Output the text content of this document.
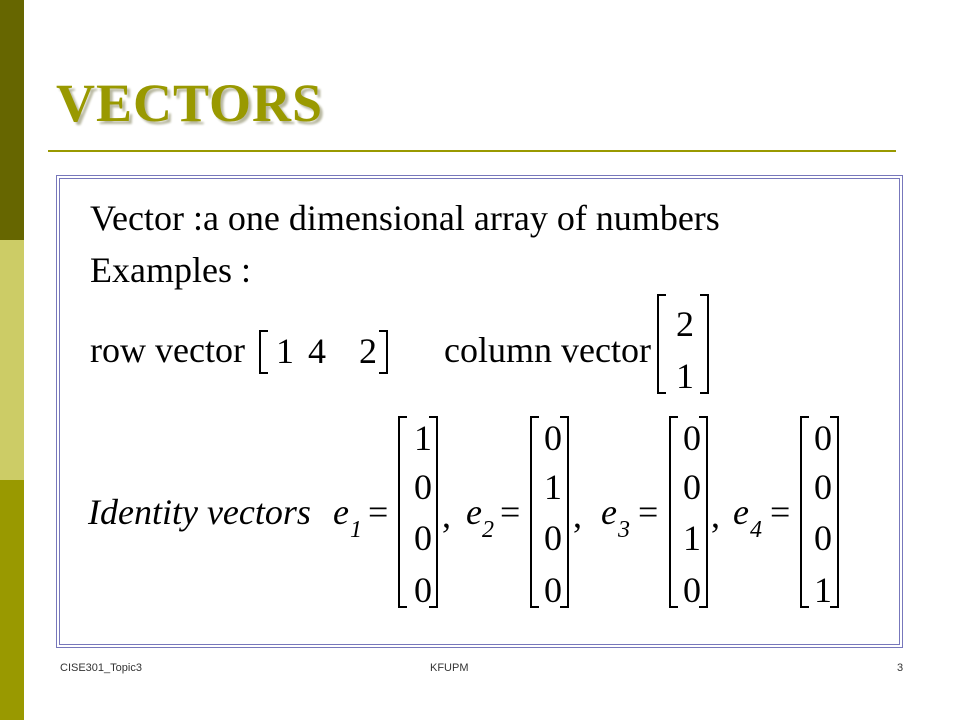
VECTORS
Vector :a one dimensional array of numbers
Examples :
row vector 1 4 2 column vector
2
1
Identity vectors e 1 =
1
0
0
0
, e 2 =
0
1
0
0
, e 3 =
0
0
1
0
, e 4 =
0
0
0
1
CISE301_Topic3	KFUPM	3
